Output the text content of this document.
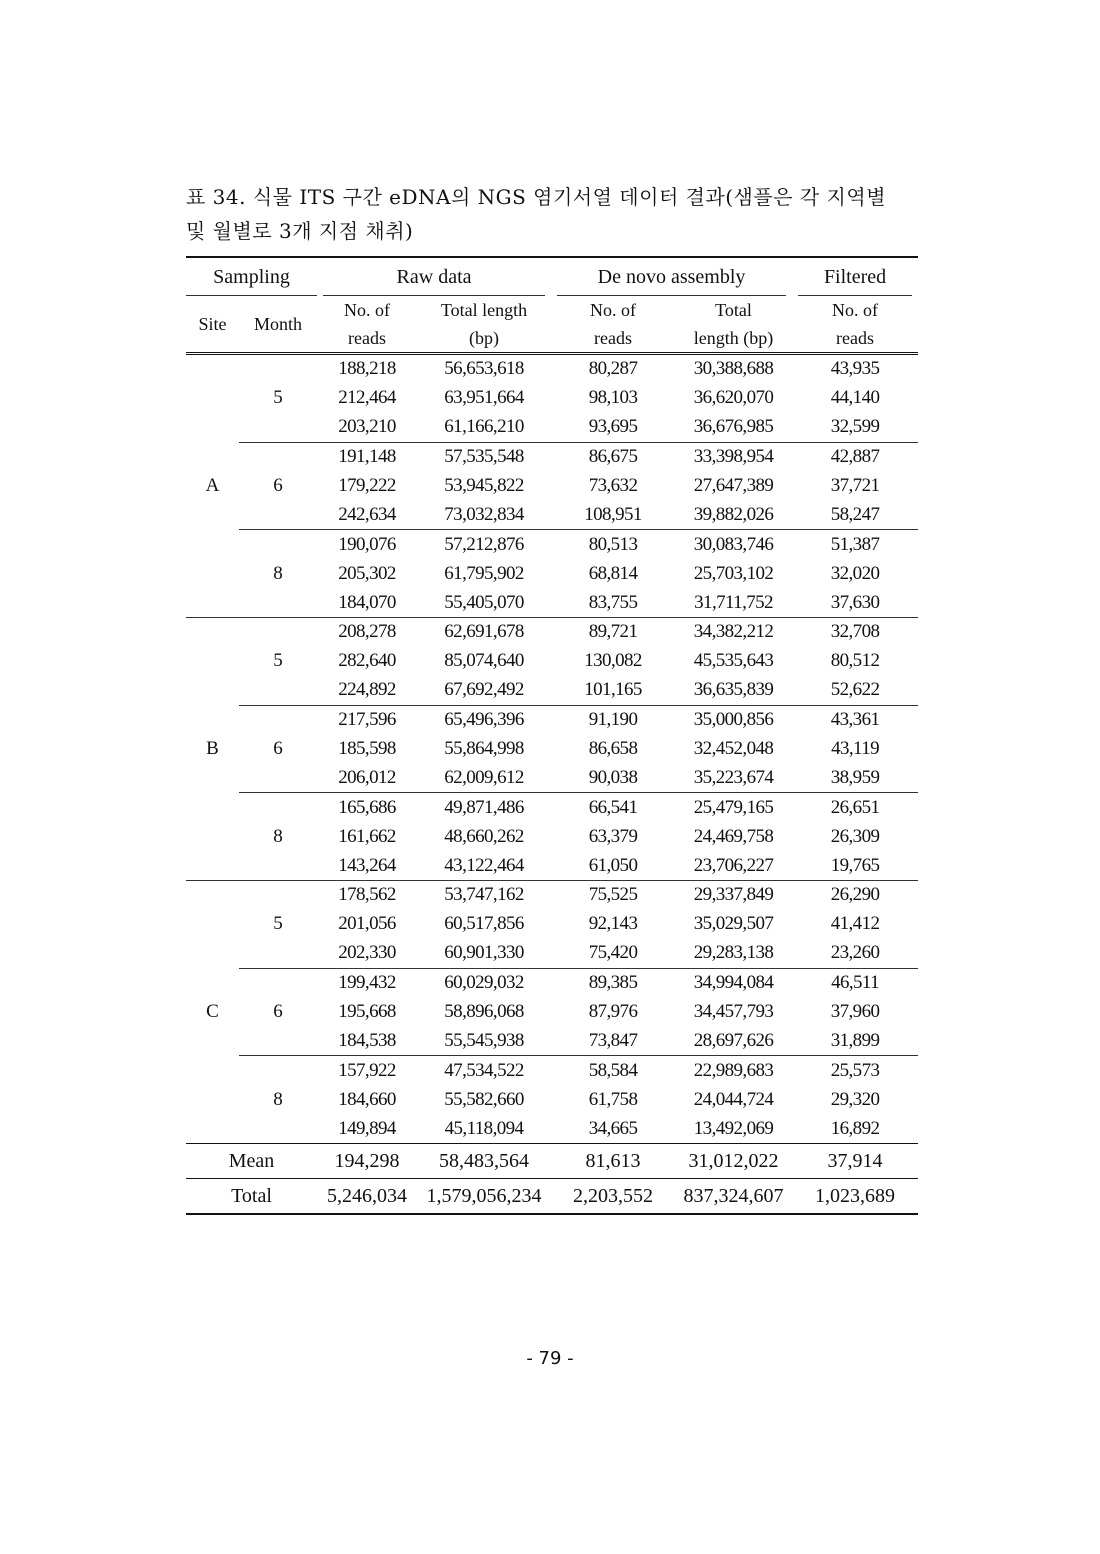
표 34. 식물 ITS 구간 eDNA의 NGS 염기서열 데이터 결과(샘플은 각 지역별
및 월별로 3개 지점 채취)
Sampling		Raw data		De novo assembly		Filtered
Site	Month	No. of	Total length	No. of	Total	No. of
		reads	(bp)	reads	length (bp)	reads
A	5	188,218	56,653,618	80,287	30,388,688	43,935
		212,464	63,951,664	98,103	36,620,070	44,140
		203,210	61,166,210	93,695	36,676,985	32,599
	6	191,148	57,535,548	86,675	33,398,954	42,887
		179,222	53,945,822	73,632	27,647,389	37,721
		242,634	73,032,834	108,951	39,882,026	58,247
	8	190,076	57,212,876	80,513	30,083,746	51,387
		205,302	61,795,902	68,814	25,703,102	32,020
		184,070	55,405,070	83,755	31,711,752	37,630
B	5	208,278	62,691,678	89,721	34,382,212	32,708
		282,640	85,074,640	130,082	45,535,643	80,512
		224,892	67,692,492	101,165	36,635,839	52,622
	6	217,596	65,496,396	91,190	35,000,856	43,361
		185,598	55,864,998	86,658	32,452,048	43,119
		206,012	62,009,612	90,038	35,223,674	38,959
	8	165,686	49,871,486	66,541	25,479,165	26,651
		161,662	48,660,262	63,379	24,469,758	26,309
		143,264	43,122,464	61,050	23,706,227	19,765
C	5	178,562	53,747,162	75,525	29,337,849	26,290
		201,056	60,517,856	92,143	35,029,507	41,412
		202,330	60,901,330	75,420	29,283,138	23,260
	6	199,432	60,029,032	89,385	34,994,084	46,511
		195,668	58,896,068	87,976	34,457,793	37,960
		184,538	55,545,938	73,847	28,697,626	31,899
	8	157,922	47,534,522	58,584	22,989,683	25,573
		184,660	55,582,660	61,758	24,044,724	29,320
		149,894	45,118,094	34,665	13,492,069	16,892
Mean		194,298	58,483,564	81,613	31,012,022	37,914
Total		5,246,034	1,579,056,234	2,203,552	837,324,607	1,023,689
- 79 -
